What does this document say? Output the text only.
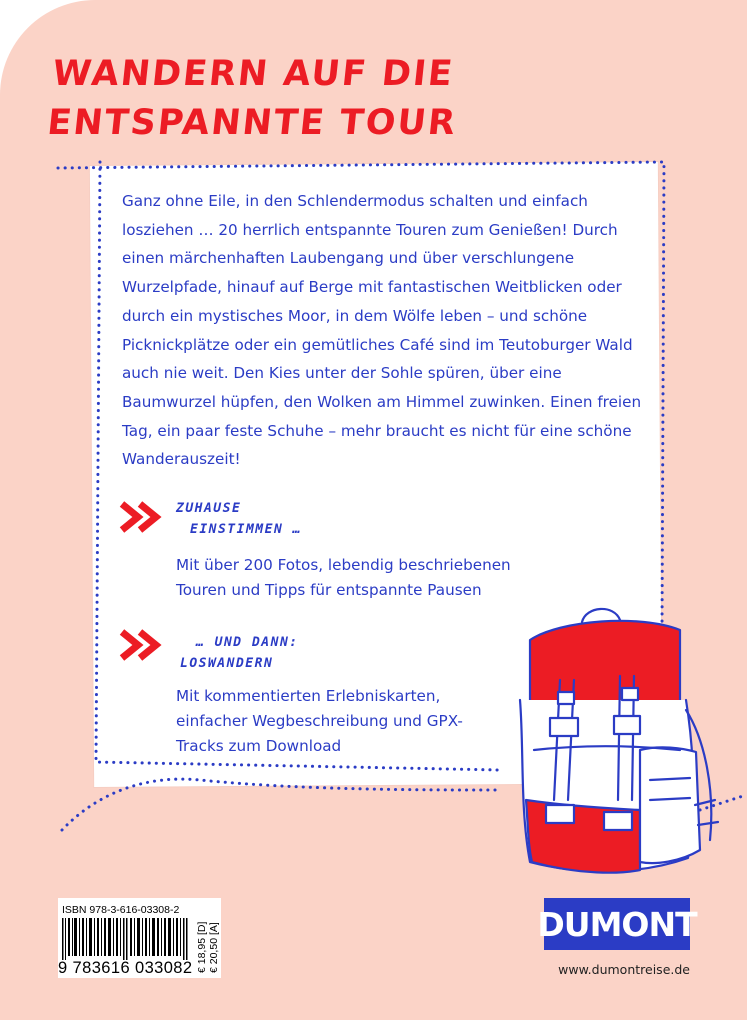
WANDERN AUF DIE ENTSPANNTE TOUR

Ganz ohne Eile, in den Schlendermodus schalten und einfach losziehen … 20 herrlich entspannte Touren zum Genießen! Durch einen märchenhaften Laubengang und über verschlungene Wurzelpfade, hinauf auf Berge mit fantastischen Weitblicken oder durch ein mystisches Moor, in dem Wölfe leben – und schöne Picknickplätze oder ein gemütliches Café sind im Teutoburger Wald auch nie weit. Den Kies unter der Sohle spüren, über eine Baumwurzel hüpfen, den Wolken am Himmel zuwinken. Einen freien Tag, ein paar feste Schuhe – mehr braucht es nicht für eine schöne Wanderauszeit!

ZUHAUSE
EINSTIMMEN …

Mit über 200 Fotos, lebendig beschriebenen Touren und Tipps für entspannte Pausen

… UND DANN:
LOSWANDERN

Mit kommentierten Erlebniskarten, einfacher Wegbeschreibung und GPX-Tracks zum Download

ISBN 978-3-616-03308-2

9 783616 033082 € 18,95 [D] € 20,50 [A]	DUMONT

www.dumontreise.de
